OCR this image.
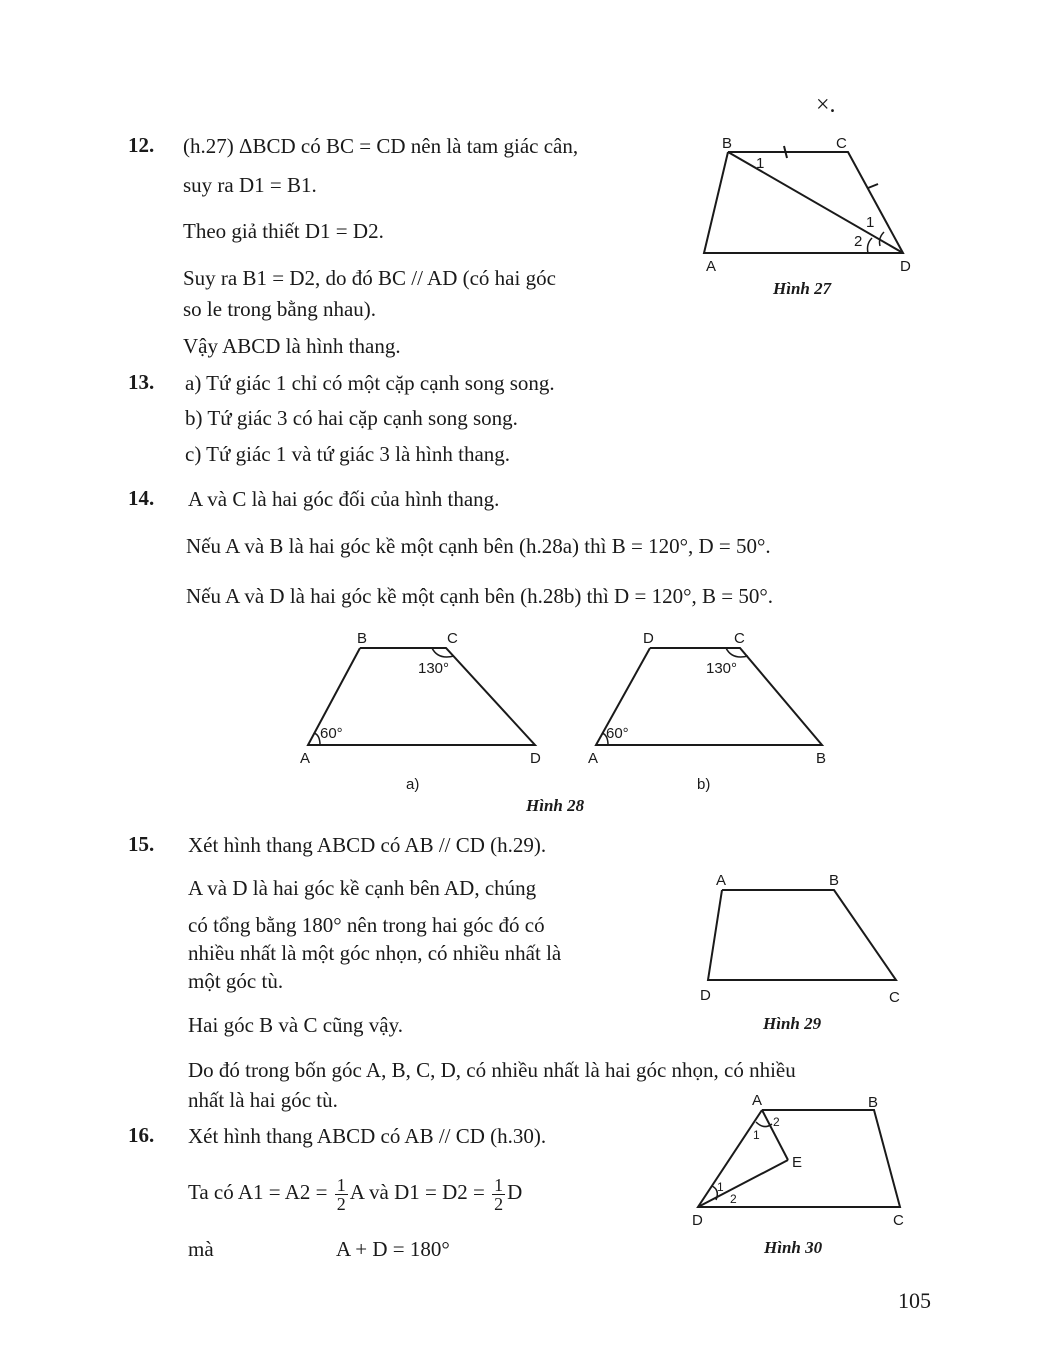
×.
105
12. (h.27) ΔBCD có BC = CD nên là tam giác cân,
suy ra D1 = B1.
Theo giả thiết D1 = D2.
Suy ra B1 = D2, do đó BC // AD (có hai góc
so le trong bằng nhau).
Vậy ABCD là hình thang.
B	C
A	D
1
1
2
Hình 27
13. a) Tứ giác 1 chỉ có một cặp cạnh song song.
b) Tứ giác 3 có hai cặp cạnh song song.
c) Tứ giác 1 và tứ giác 3 là hình thang.
14. A và C là hai góc đối của hình thang.
Nếu A và B là hai góc kề một cạnh bên (h.28a) thì B = 120°, D = 50°.
Nếu A và D là hai góc kề một cạnh bên (h.28b) thì D = 120°, B = 50°.
B	C
A	D
130°
60°
a)
D	C
A	B
130°
60°
b)
Hình 28
15. Xét hình thang ABCD có AB // CD (h.29).
A và D là hai góc kề cạnh bên AD, chúng
có tổng bằng 180° nên trong hai góc đó có
nhiều nhất là một góc nhọn, có nhiều nhất là
một góc tù.
Hai góc B và C cũng vậy.
Do đó trong bốn góc A, B, C, D, có nhiều nhất là hai góc nhọn, có nhiều
nhất là hai góc tù.
A	B
D	C
Hình 29
16. Xét hình thang ABCD có AB // CD (h.30).
Ta có $A1 = A2 = \frac{1}{2}$ A và $D1 = D2 = \frac{1}{2}$ D
mà	A + D = 180°
A	B
D	C
E
1
2
1
2
Hình 30
